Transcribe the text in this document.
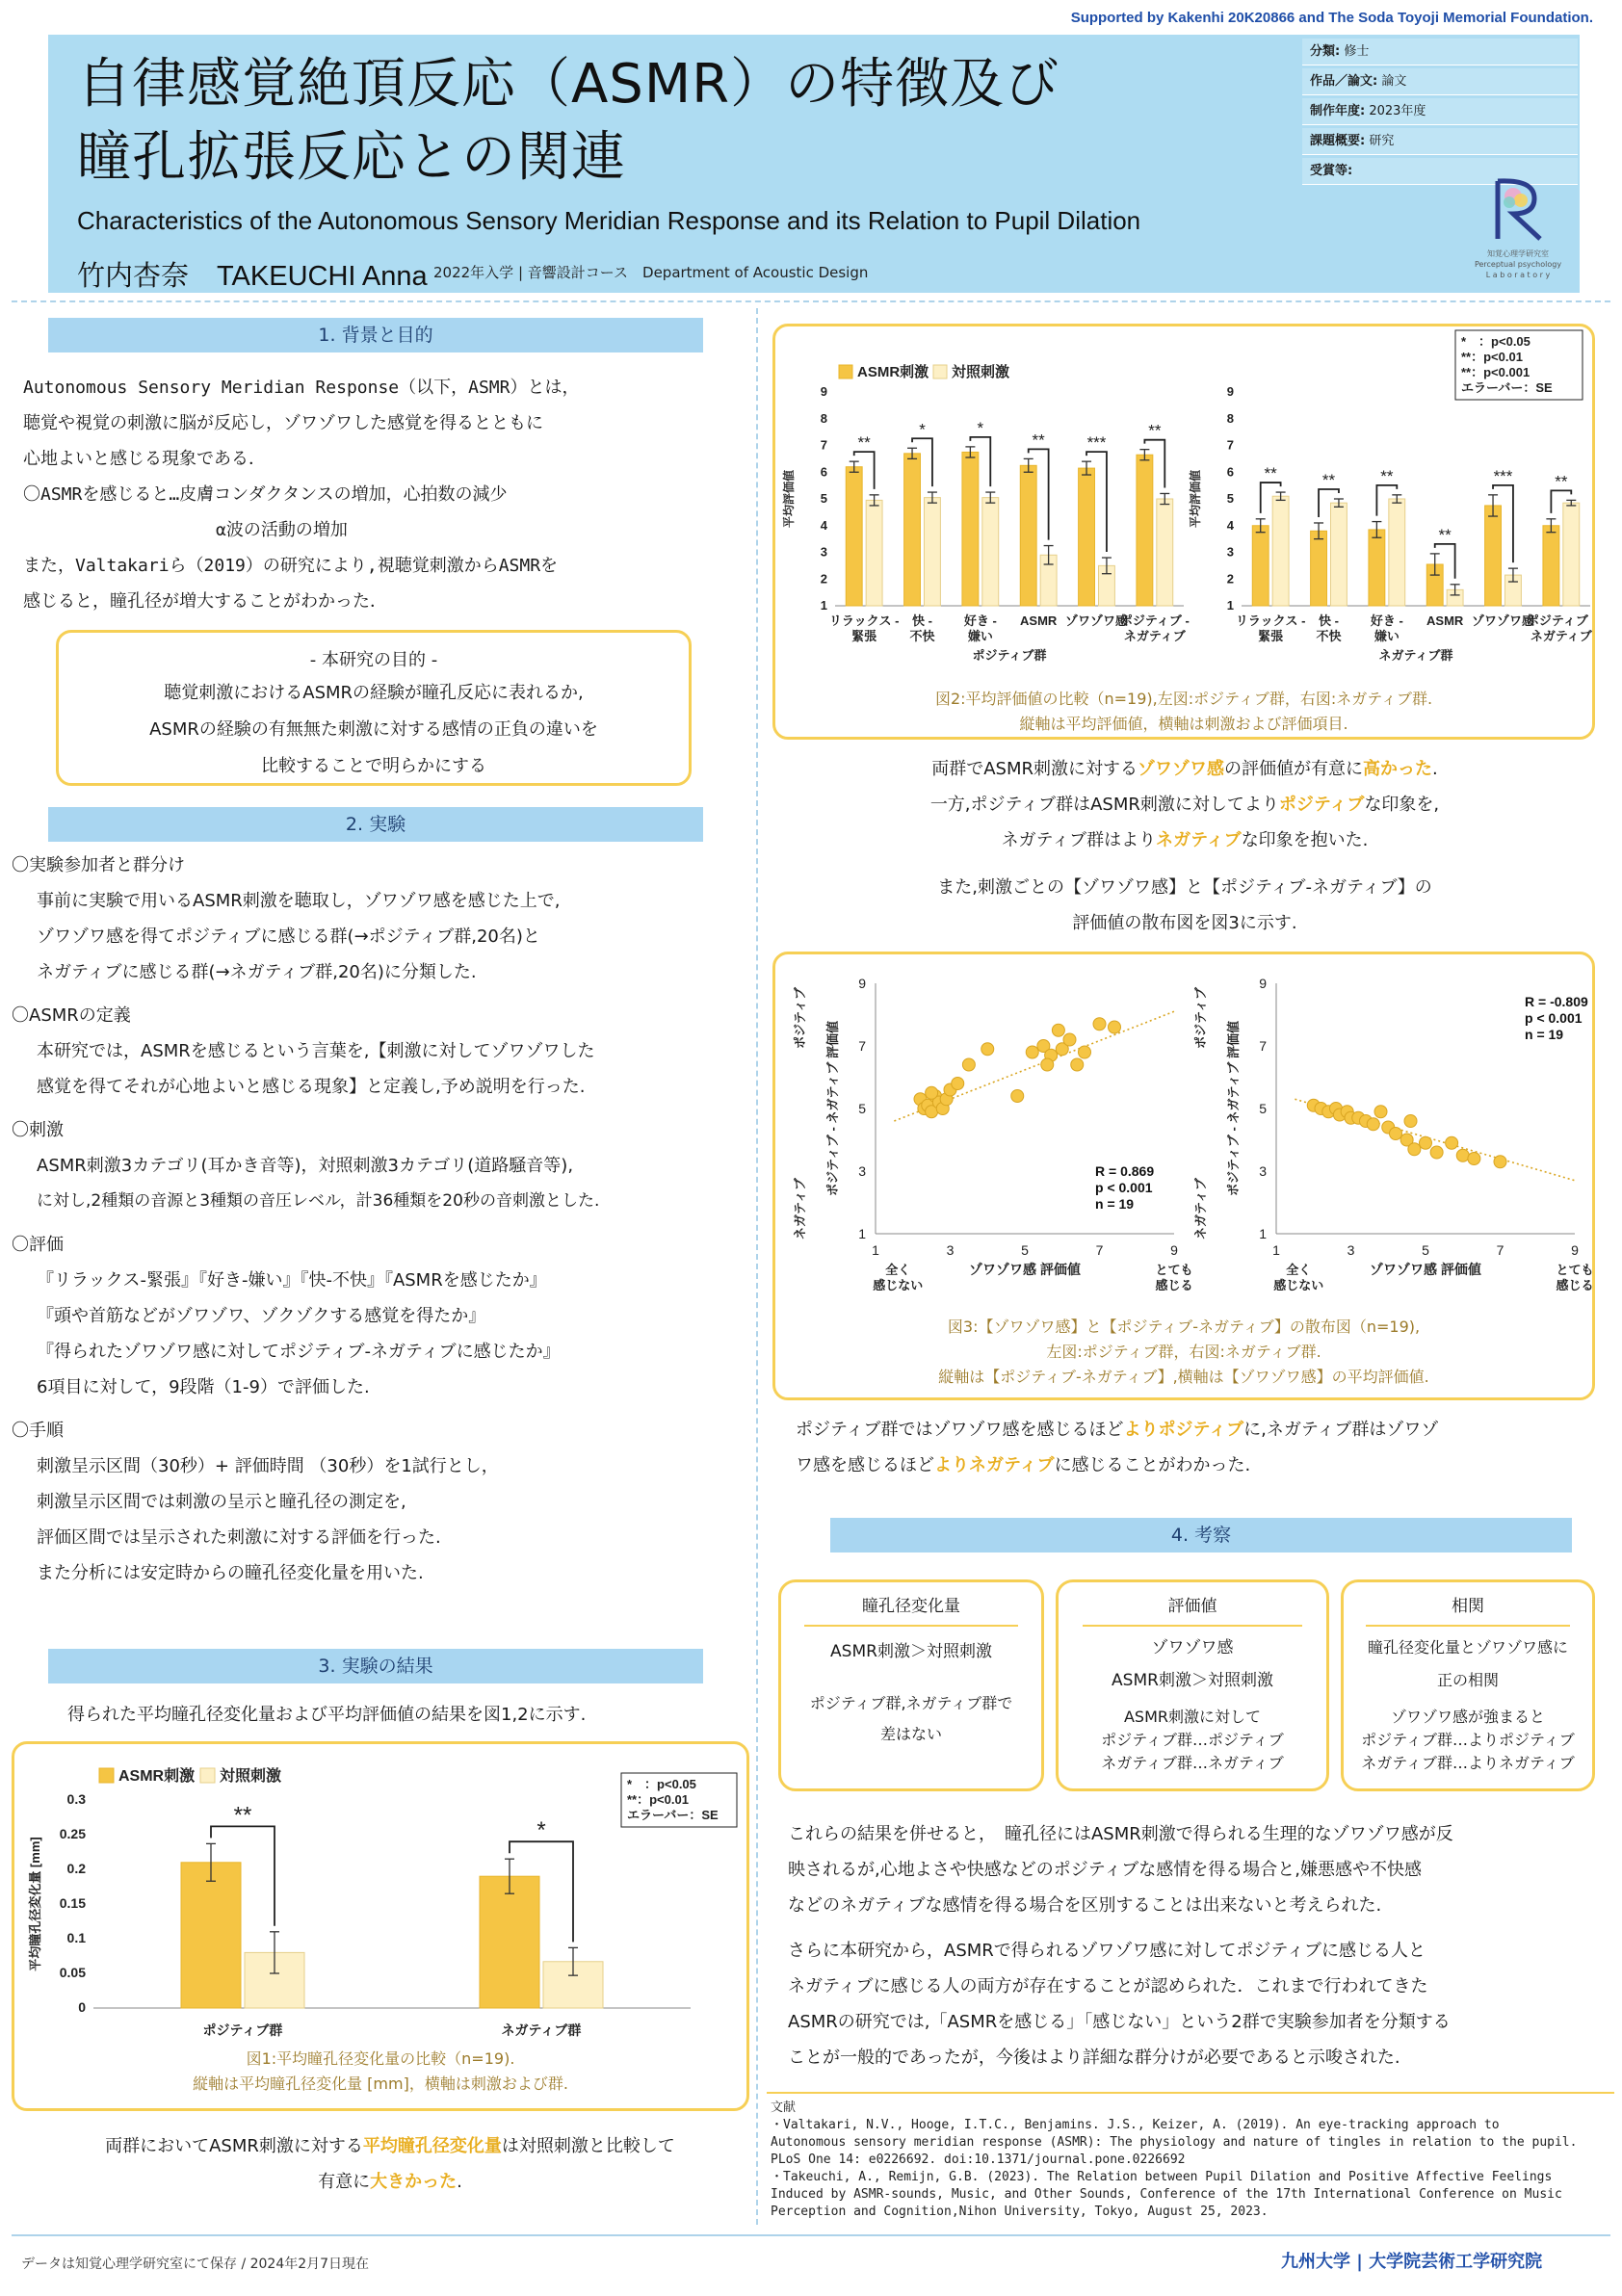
Supported by Kakenhi 20K20866 and The Soda Toyoji Memorial Foundation.
自律感覚絶頂反応（ASMR）の特徴及び
瞳孔拡張反応との関連
Characteristics of the Autonomous Sensory Meridian Response and its Relation to Pupil Dilation
竹内杏奈　TAKEUCHI Anna 2022年入学 | 音響設計コース　Department of Acoustic Design
分類: 修士
作品／論文: 論文
制作年度: 2023年度
課題概要: 研究
受賞等:
知覚心理学研究室
Perceptual psychology
L a b o r a t o r y
1. 背景と目的
Autonomous Sensory Meridian Response（以下，ASMR）とは，
聴覚や視覚の刺激に脳が反応し，ゾワゾワした感覚を得るとともに
心地よいと感じる現象である．
〇ASMRを感じると…皮膚コンダクタンスの増加，心拍数の減少
α波の活動の増加
また，Valtakariら（2019）の研究により,視聴覚刺激からASMRを
感じると，瞳孔径が増大することがわかった．
- 本研究の目的 -
聴覚刺激におけるASMRの経験が瞳孔反応に表れるか,
ASMRの経験の有無無た刺激に対する感情の正負の違いを
比較することで明らかにする
2. 実験
〇実験参加者と群分け
事前に実験で用いるASMR刺激を聴取し，ゾワゾワ感を感じた上で,
ゾワゾワ感を得てポジティブに感じる群(→ポジティブ群,20名)と
ネガティブに感じる群(→ネガティブ群,20名)に分類した.
〇ASMRの定義
本研究では，ASMRを感じるという言葉を,【刺激に対してゾワゾワした
感覚を得てそれが心地よいと感じる現象】と定義し,予め説明を行った.
〇刺激
ASMR刺激3カテゴリ(耳かき音等)，対照刺激3カテゴリ(道路騒音等),
に対し,2種類の音源と3種類の音圧レベル，計36種類を20秒の音刺激とした.
〇評価
『リラックス-緊張』『好き-嫌い』『快-不快』『ASMRを感じたか』
『頭や首筋などがゾワゾワ、ゾクゾクする感覚を得たか』
『得られたゾワゾワ感に対してポジティブ-ネガティブに感じたか』
6項目に対して，9段階（1-9）で評価した.
〇手順
刺激呈示区間（30秒）+ 評価時間 （30秒）を1試行とし，
刺激呈示区間では刺激の呈示と瞳孔径の測定を,
評価区間では呈示された刺激に対する評価を行った.
また分析には安定時からの瞳孔径変化量を用いた.
3. 実験の結果
得られた平均瞳孔径変化量および平均評価値の結果を図1,2に示す.
0
0.05
0.1
0.15
0.2
0.25
0.3
平均瞳孔径変化量 [mm]
**
ポジティブ群
*
ネガティブ群
ASMR刺激 対照刺激	*　：p<0.05
**：p<0.01
エラーバー：SE
図1:平均瞳孔径変化量の比較（n=19).
縦軸は平均瞳孔径変化量 [mm]，横軸は刺激および群.
両群においてASMR刺激に対する平均瞳孔径変化量は対照刺激と比較して
有意に大きかった.
1
2
3
4
5
6
7
8
9
平均評価値
**
リラックス -
緊張
*
快 -
不快
*
好き -
嫌い
**
ASMR
***
ゾワゾワ感
**
ポジティブ -
ネガティブ
ポジティブ群
1
2
3
4
5
6
7
8
9
平均評価値	**
リラックス -
緊張
**
快 -
不快
**
好き -
嫌い
**
ASMR
***
ゾワゾワ感
**
ポジティブ -
ネガティブ
ネガティブ群
ASMR刺激 対照刺激
*　：p<0.05
**：p<0.01
**：p<0.001
エラーバー：SE
図2:平均評価値の比較（n=19),左図:ポジティブ群，右図:ネガティブ群.
縦軸は平均評価値，横軸は刺激および評価項目.
両群でASMR刺激に対するゾワゾワ感の評価値が有意に高かった.
一方,ポジティブ群はASMR刺激に対してよりポジティブな印象を,
ネガティブ群はよりネガティブな印象を抱いた.
また,刺激ごとの【ゾワゾワ感】と【ポジティブ-ネガティブ】の
評価値の散布図を図3に示す.
1
1
3
3
5
5
7
7
9
9
R = 0.869
p < 0.001
n = 19
ゾワゾワ感 評価値
全く
感じない
とても
感じる
ポジティブ - ネガティブ 評価値
ポジティブ
ネガティブ	1
1
3
3
5
5
7
7
9
9
R = -0.809
p < 0.001
n = 19
ゾワゾワ感 評価値
全く
感じない
とても
感じる
ポジティブ - ネガティブ 評価値
ポジティブ
ネガティブ
図3:【ゾワゾワ感】と【ポジティブ-ネガティブ】の散布図（n=19),
左図:ポジティブ群，右図:ネガティブ群.
縦軸は【ポジティブ-ネガティブ】,横軸は【ゾワゾワ感】の平均評価値.
ポジティブ群ではゾワゾワ感を感じるほどよりポジティブに,ネガティブ群はゾワゾ
ワ感を感じるほどよりネガティブに感じることがわかった.
4. 考察
瞳孔径変化量
ASMR刺激＞対照刺激
ポジティブ群,ネガティブ群で
差はない
評価値
ゾワゾワ感
ASMR刺激＞対照刺激
ASMR刺激に対して
ポジティブ群…ポジティブ
ネガティブ群…ネガティブ
相関
瞳孔径変化量とゾワゾワ感に
正の相関
ゾワゾワ感が強まると
ポジティブ群…よりポジティブ
ネガティブ群…よりネガティブ
これらの結果を併せると，　瞳孔径にはASMR刺激で得られる生理的なゾワゾワ感が反
映されるが,心地よさや快感などのポジティブな感情を得る場合と,嫌悪感や不快感
などのネガティブな感情を得る場合を区別することは出来ないと考えられた.
さらに本研究から，ASMRで得られるゾワゾワ感に対してポジティブに感じる人と
ネガティブに感じる人の両方が存在することが認められた．これまで行われてきた
ASMRの研究では,「ASMRを感じる」「感じない」という2群で実験参加者を分類する
ことが一般的であったが，今後はより詳細な群分けが必要であると示唆された.
文献
・Valtakari, N.V., Hooge, I.T.C., Benjamins. J.S., Keizer, A. (2019). An eye-tracking approach to
Autonomous sensory meridian response (ASMR): The physiology and nature of tingles in relation to the pupil.
PLoS One 14: e0226692. doi:10.1371/journal.pone.0226692
・Takeuchi, A., Remijn, G.B. (2023). The Relation between Pupil Dilation and Positive Affective Feelings
Induced by ASMR-sounds, Music, and Other Sounds, Conference of the 17th International Conference on Music
Perception and Cognition,Nihon University, Tokyo, August 25, 2023.
データは知覚心理学研究室にて保存 / 2024年2月7日現在	九州大学 | 大学院芸術工学研究院
